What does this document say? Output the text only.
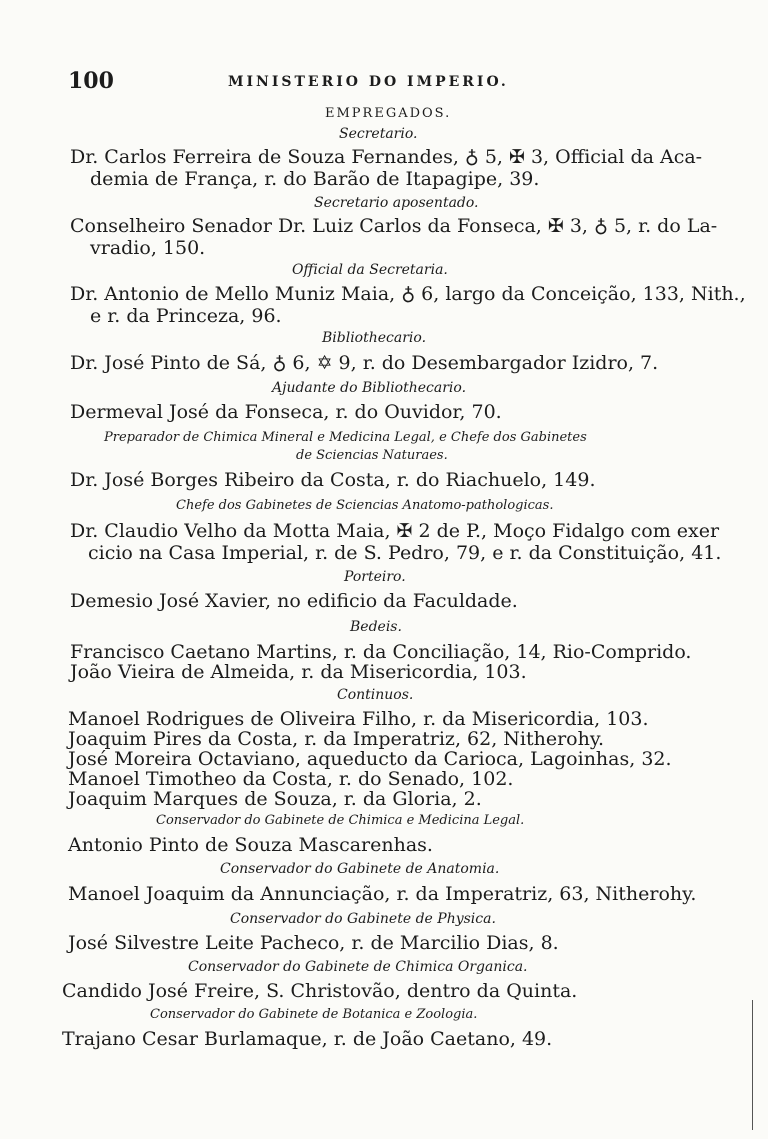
100	MINISTERIO DO IMPERIO.
EMPREGADOS.
Secretario.
Dr. Carlos Ferreira de Souza Fernandes, ♁ 5, ✠ 3, Official da Aca-
demia de França, r. do Barão de Itapagipe, 39.
Secretario aposentado.
Conselheiro Senador Dr. Luiz Carlos da Fonseca, ✠ 3, ♁ 5, r. do La-
vradio, 150.
Official da Secretaria.
Dr. Antonio de Mello Muniz Maia, ♁ 6, largo da Conceição, 133, Nith.,
e r. da Princeza, 96.
Bibliothecario.
Dr. José Pinto de Sá, ♁ 6, ✡ 9, r. do Desembargador Izidro, 7.
Ajudante do Bibliothecario.
Dermeval José da Fonseca, r. do Ouvidor, 70.
Preparador de Chimica Mineral e Medicina Legal, e Chefe dos Gabinetes
de Sciencias Naturaes.
Dr. José Borges Ribeiro da Costa, r. do Riachuelo, 149.
Chefe dos Gabinetes de Sciencias Anatomo-pathologicas.
Dr. Claudio Velho da Motta Maia, ✠ 2 de P., Moço Fidalgo com exer
cicio na Casa Imperial, r. de S. Pedro, 79, e r. da Constituição, 41.
Porteiro.
Demesio José Xavier, no edificio da Faculdade.
Bedeis.
Francisco Caetano Martins, r. da Conciliação, 14, Rio-Comprido.
João Vieira de Almeida, r. da Misericordia, 103.
Continuos.
Manoel Rodrigues de Oliveira Filho, r. da Misericordia, 103.
Joaquim Pires da Costa, r. da Imperatriz, 62, Nitherohy.
José Moreira Octaviano, aqueducto da Carioca, Lagoinhas, 32.
Manoel Timotheo da Costa, r. do Senado, 102.
Joaquim Marques de Souza, r. da Gloria, 2.
Conservador do Gabinete de Chimica e Medicina Legal.
Antonio Pinto de Souza Mascarenhas.
Conservador do Gabinete de Anatomia.
Manoel Joaquim da Annunciação, r. da Imperatriz, 63, Nitherohy.
Conservador do Gabinete de Physica.
José Silvestre Leite Pacheco, r. de Marcilio Dias, 8.
Conservador do Gabinete de Chimica Organica.
Candido José Freire, S. Christovão, dentro da Quinta.
Conservador do Gabinete de Botanica e Zoologia.
Trajano Cesar Burlamaque, r. de João Caetano, 49.
